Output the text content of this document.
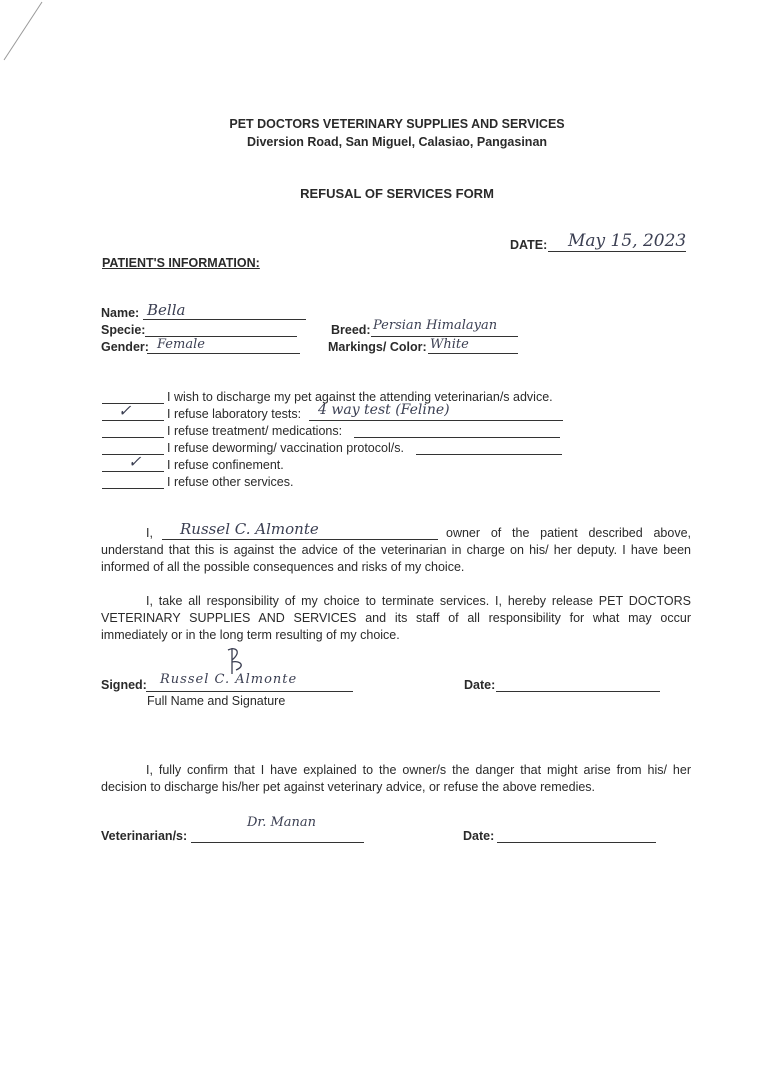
PET DOCTORS VETERINARY SUPPLIES AND SERVICES
Diversion Road, San Miguel, Calasiao, Pangasinan
REFUSAL OF SERVICES FORM
DATE: May 15, 2023
PATIENT'S INFORMATION:
Name: Bella
Specie:
Gender: Female
Breed: Persian Himalayan
Markings/ Color: White
I wish to discharge my pet against the attending veterinarian/s advice.
✓	I refuse laboratory tests: 4 way test (Feline)
I refuse treatment/ medications:
I refuse deworming/ vaccination protocol/s.
✓ I refuse confinement.
I refuse other services.
I, Russel C. Almonte	owner of the patient described above,
understand that this is against the advice of the veterinarian in charge on his/ her deputy. I have been
informed of all the possible consequences and risks of my choice.
I, take all responsibility of my choice to terminate services. I, hereby release PET DOCTORS VETERINARY SUPPLIES AND SERVICES and its staff of all responsibility for what may occur immediately or in the long term resulting of my choice.
Signed: Russel C. Almonte
Full Name and Signature
Date:
I, fully confirm that I have explained to the owner/s the danger that might arise from his/ her decision to discharge his/her pet against veterinary advice, or refuse the above remedies.
Veterinarian/s:
Dr. Manan
Date:
